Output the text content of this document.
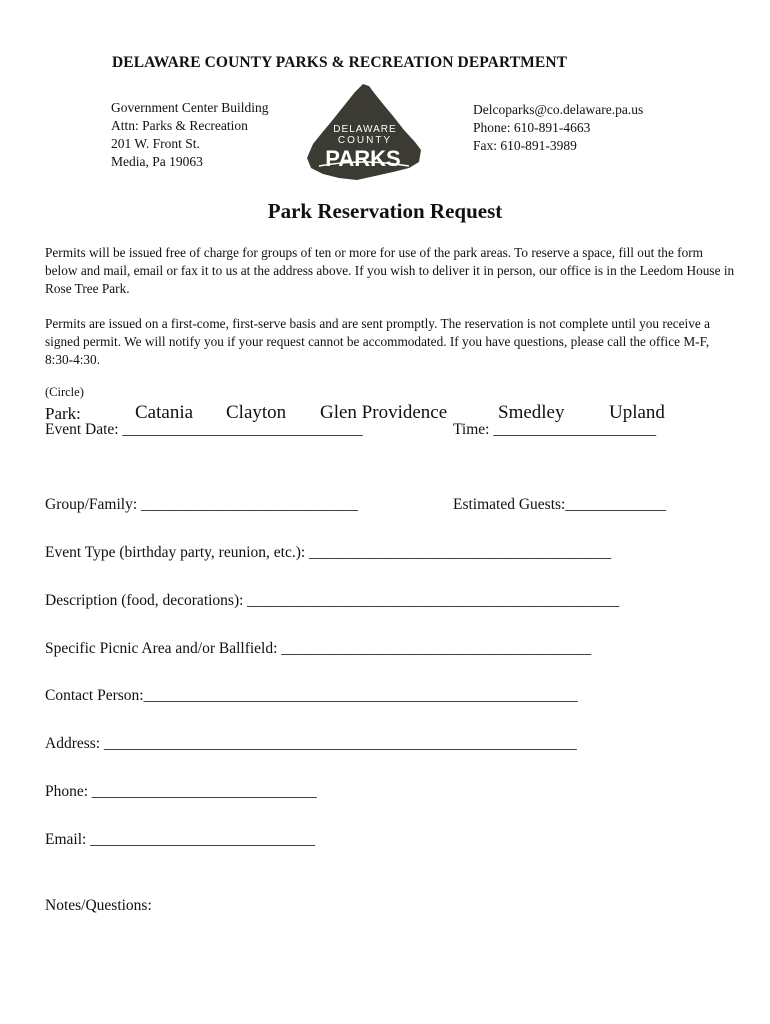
DELAWARE COUNTY PARKS & RECREATION DEPARTMENT
Government Center Building
Attn: Parks & Recreation
201 W. Front St.
Media, Pa 19063
DELAWARE
COUNTY
PARKS
Delcoparks@co.delaware.pa.us
Phone: 610-891-4663
Fax: 610-891-3989
Park Reservation Request
Permits will be issued free of charge for groups of ten or more for use of the park areas. To reserve a space, fill out the form below and mail, email or fax it to us at the address above. If you wish to deliver it in person, our office is in the Leedom House in Rose Tree Park.
Permits are issued on a first-come, first-serve basis and are sent promptly. The reservation is not complete until you receive a signed permit. We will notify you if your request cannot be accommodated. If you have questions, please call the office M-F, 8:30-4:30.
(Circle)
Park:	Catania Clayton Glen Providence	Smedley Upland
Event Date: _______________________________	Time: _____________________
Group/Family: ____________________________	Estimated Guests:_____________
Event Type (birthday party, reunion, etc.): _______________________________________
Description (food, decorations): ________________________________________________
Specific Picnic Area and/or Ballfield: ________________________________________
Contact Person:________________________________________________________
Address: _____________________________________________________________
Phone: _____________________________
Email: _____________________________
Notes/Questions:
